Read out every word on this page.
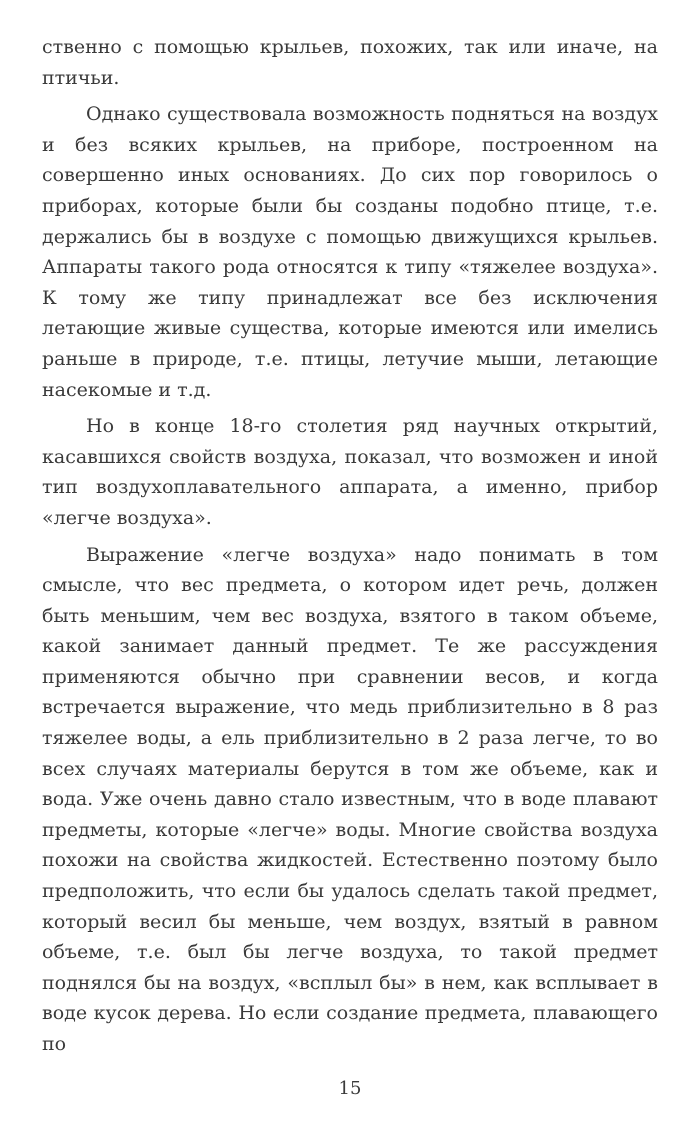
ственно с помощью крыльев, похожих, так или иначе, на птичьи.

Однако существовала возможность подняться на воздух и без всяких крыльев, на приборе, построенном на совершенно иных основаниях. До сих пор говорилось о приборах, которые были бы созданы подобно птице, т.е. держались бы в воздухе с помощью движущихся крыльев. Аппараты такого рода относятся к типу «тяжелее воздуха». К тому же типу принадлежат все без исключения летающие живые существа, которые имеются или имелись раньше в природе, т.е. птицы, летучие мыши, летающие насекомые и т.д.

Но в конце 18-го столетия ряд научных открытий, касавшихся свойств воздуха, показал, что возможен и иной тип воздухоплавательного аппарата, а именно, прибор «легче воздуха».

Выражение «легче воздуха» надо понимать в том смысле, что вес предмета, о котором идет речь, должен быть меньшим, чем вес воздуха, взятого в таком объеме, какой занимает данный предмет. Те же рассуждения применяются обычно при сравнении весов, и когда встречается выражение, что медь приблизительно в 8 раз тяжелее воды, а ель приблизительно в 2 раза легче, то во всех случаях материалы берутся в том же объеме, как и вода. Уже очень давно стало известным, что в воде плавают предметы, которые «легче» воды. Многие свойства воздуха похожи на свойства жидкостей. Естественно поэтому было предположить, что если бы удалось сделать такой предмет, который весил бы меньше, чем воздух, взятый в равном объеме, т.е. был бы легче воздуха, то такой предмет поднялся бы на воздух, «всплыл бы» в нем, как всплывает в воде кусок дерева. Но если создание предмета, плавающего по

15
